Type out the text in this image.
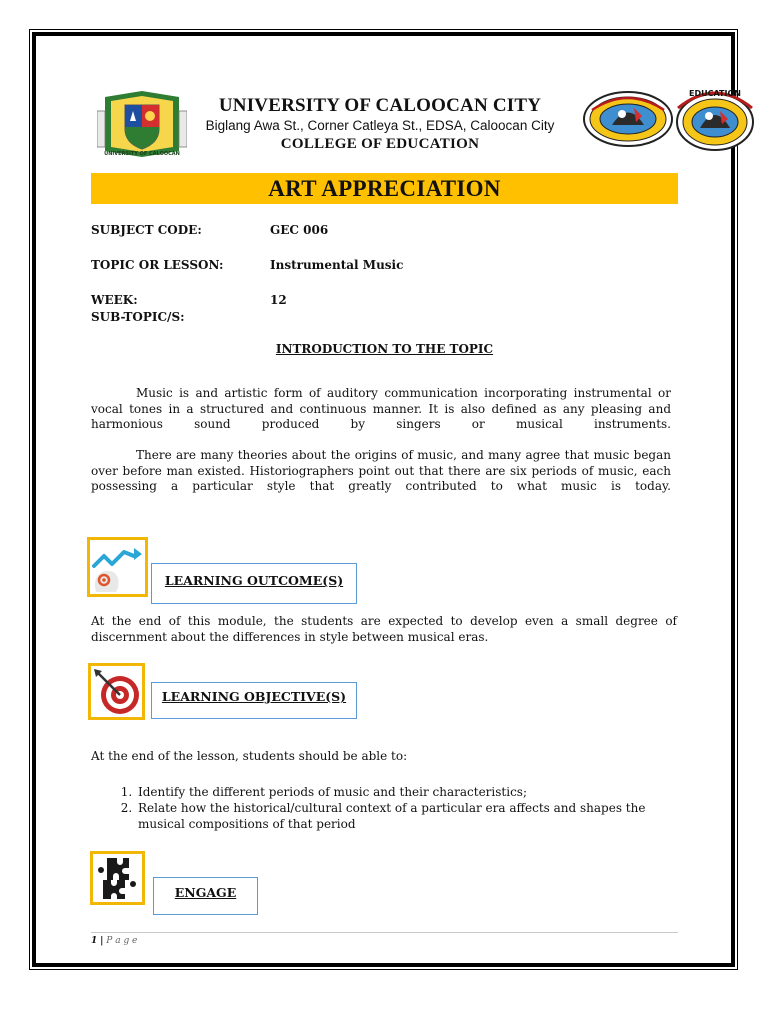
UNIVERSITY OF CALOOCAN
EDUCATION
UNIVERSITY OF CALOOCAN CITY
Biglang Awa St., Corner Catleya St., EDSA, Caloocan City
COLLEGE OF EDUCATION
ART APPRECIATION
SUBJECT CODE:	GEC 006
TOPIC OR LESSON:	Instrumental Music
WEEK:	12
SUB-TOPIC/S:
INTRODUCTION TO THE TOPIC
Music is and artistic form of auditory communication incorporating instrumental or vocal tones in a structured and continuous manner. It is also defined as any pleasing and harmonious sound produced by singers or musical instruments.
There are many theories about the origins of music, and many agree that music began over before man existed. Historiographers point out that there are six periods of music, each possessing a particular style that greatly contributed to what music is today.
LEARNING OUTCOME(S)
At the end of this module, the students are expected to develop even a small degree of discernment about the differences in style between musical eras.
LEARNING OBJECTIVE(S)
At the end of the lesson, students should be able to:
1. Identify the different periods of music and their characteristics;
2. Relate how the historical/cultural context of a particular era affects and shapes the musical compositions of that period
ENGAGE
1 | P a g e
